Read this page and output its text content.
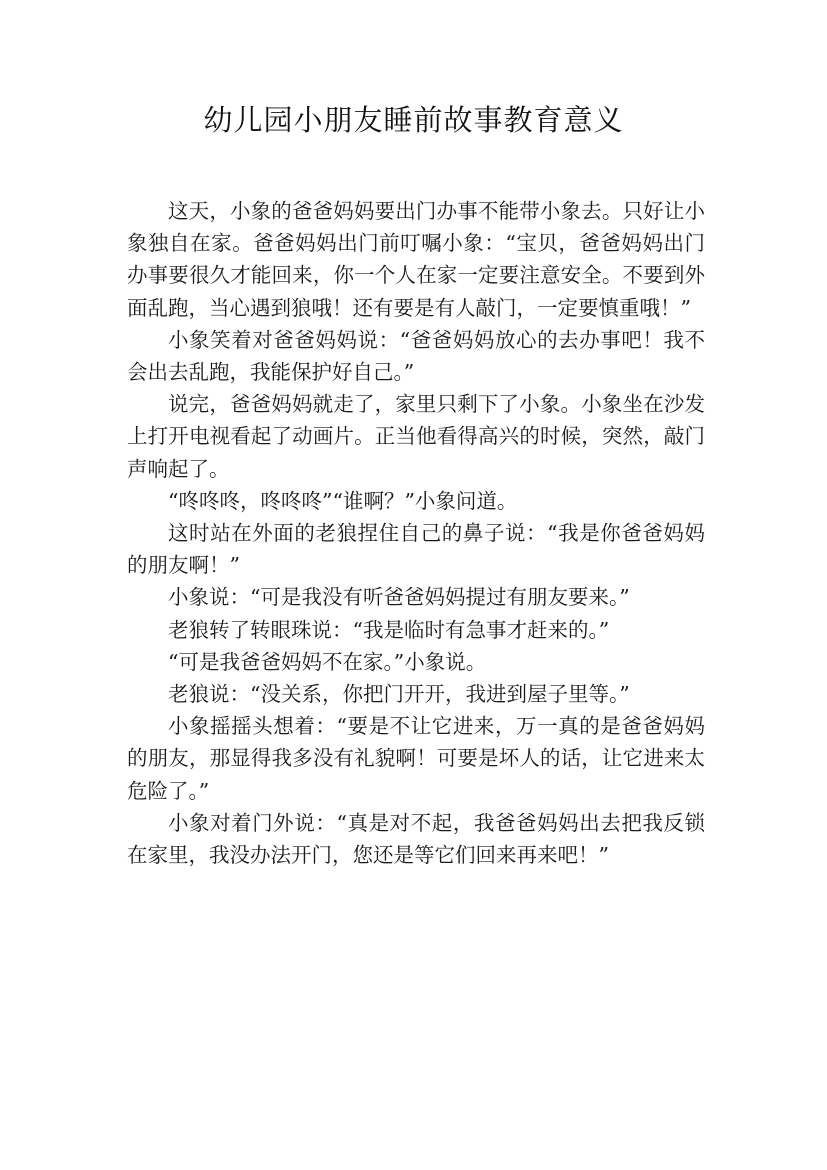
幼儿园小朋友睡前故事教育意义

这天，小象的爸爸妈妈要出门办事不能带小象去。只好让小象独自在家。爸爸妈妈出门前叮嘱小象：“宝贝，爸爸妈妈出门办事要很久才能回来，你一个人在家一定要注意安全。不要到外面乱跑，当心遇到狼哦！还有要是有人敲门，一定要慎重哦！”

小象笑着对爸爸妈妈说：“爸爸妈妈放心的去办事吧！我不会出去乱跑，我能保护好自己。”

说完，爸爸妈妈就走了，家里只剩下了小象。小象坐在沙发上打开电视看起了动画片。正当他看得高兴的时候，突然，敲门声响起了。

“咚咚咚，咚咚咚”“谁啊？”小象问道。

这时站在外面的老狼捏住自己的鼻子说：“我是你爸爸妈妈的朋友啊！”

小象说：“可是我没有听爸爸妈妈提过有朋友要来。”

老狼转了转眼珠说：“我是临时有急事才赶来的。”

“可是我爸爸妈妈不在家。”小象说。

老狼说：“没关系，你把门开开，我进到屋子里等。”

小象摇摇头想着：“要是不让它进来，万一真的是爸爸妈妈的朋友，那显得我多没有礼貌啊！可要是坏人的话，让它进来太危险了。”

小象对着门外说：“真是对不起，我爸爸妈妈出去把我反锁在家里，我没办法开门，您还是等它们回来再来吧！”
